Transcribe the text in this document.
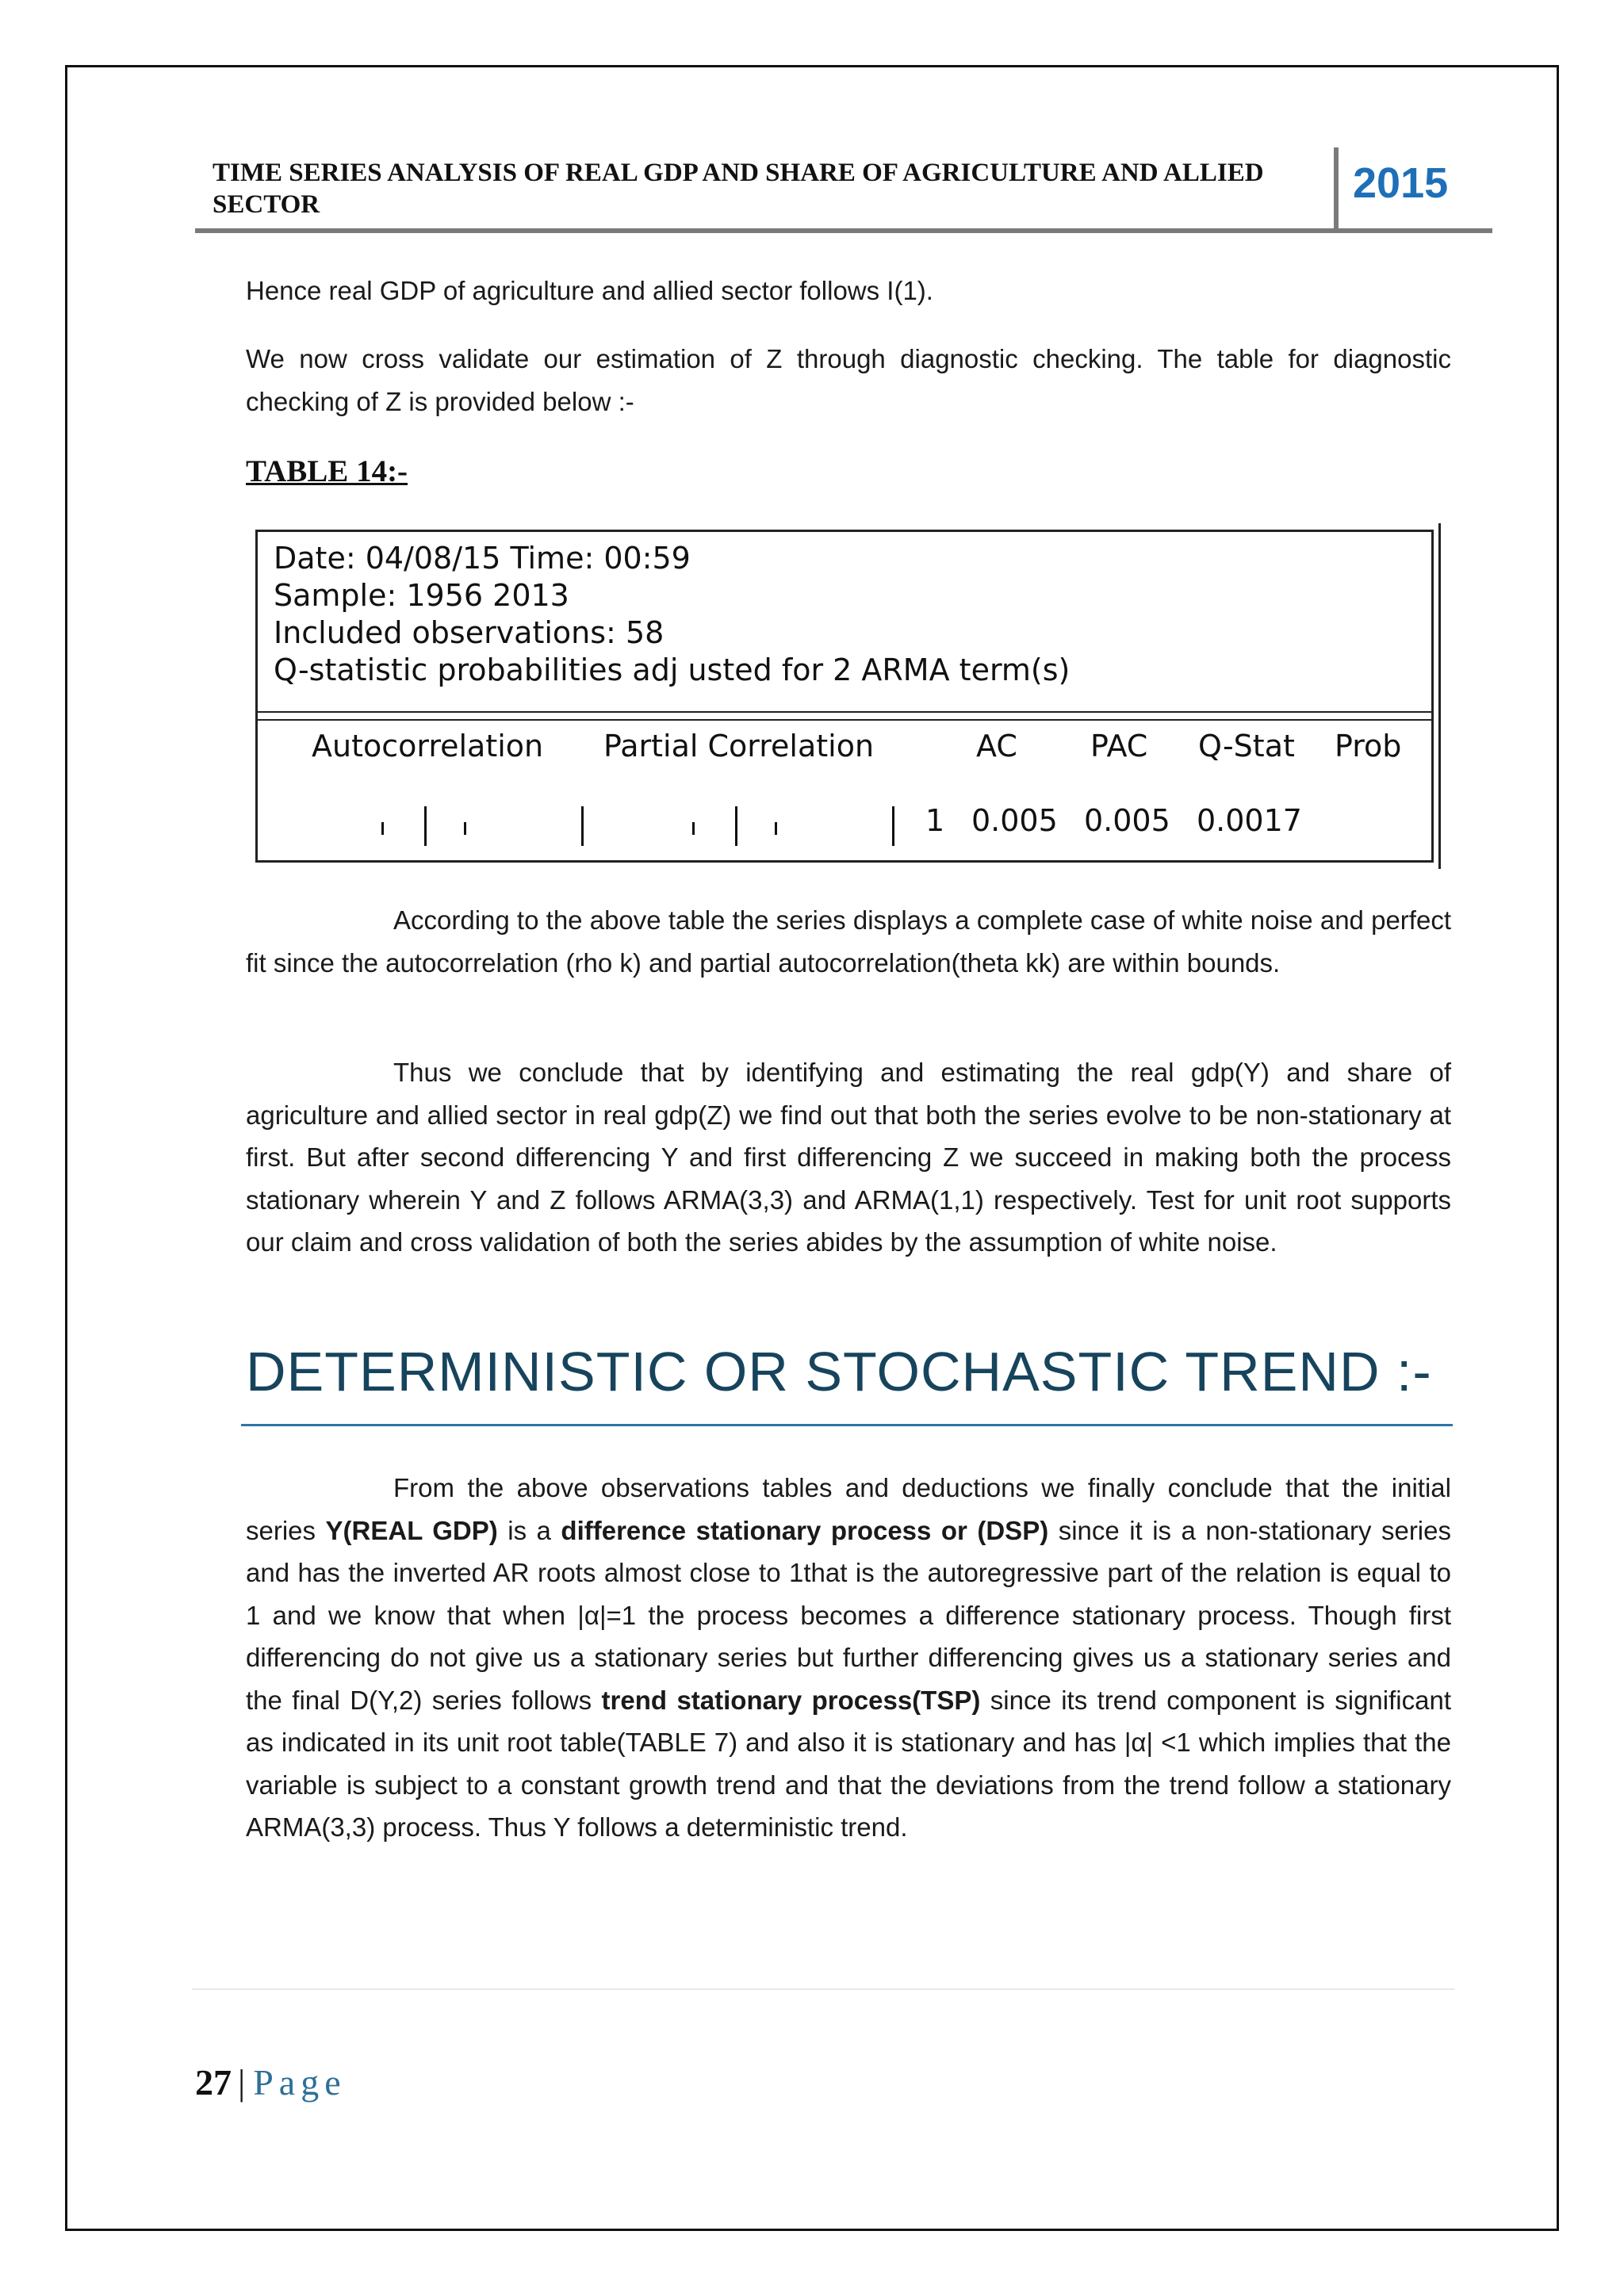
TIME SERIES ANALYSIS OF REAL GDP AND SHARE OF AGRICULTURE AND ALLIED SECTOR	2015
Hence real GDP of agriculture and allied sector follows I(1).
We now cross validate our estimation of Z through diagnostic checking. The table for diagnostic checking of Z is provided below :-
TABLE 14:-
Date: 04/08/15 Time: 00:59
Sample: 1956 2013
Included observations: 58
Q-statistic probabilities adj usted for 2 ARMA term(s)
Autocorrelation Partial Correlation	AC PAC Q-Stat Prob
1 0.005 0.005 0.0017
According to the above table the series displays a complete case of white noise and perfect fit since the autocorrelation (rho k) and partial autocorrelation(theta kk) are within bounds.
Thus we conclude that by identifying and estimating the real gdp(Y) and share of agriculture and allied sector in real gdp(Z) we find out that both the series evolve to be non-stationary at first. But after second differencing Y and first differencing Z we succeed in making both the process stationary wherein Y and Z follows ARMA(3,3) and ARMA(1,1) respectively. Test for unit root supports our claim and cross validation of both the series abides by the assumption of white noise.
DETERMINISTIC OR STOCHASTIC TREND :-
From the above observations tables and deductions we finally conclude that the initial series Y(REAL GDP) is a difference stationary process or (DSP) since it is a non-stationary series and has the inverted AR roots almost close to 1that is the autoregressive part of the relation is equal to 1 and we know that when |α|=1 the process becomes a difference stationary process. Though first differencing do not give us a stationary series but further differencing gives us a stationary series and the final D(Y,2) series follows trend stationary process(TSP) since its trend component is significant as indicated in its unit root table(TABLE 7) and also it is stationary and has |α| <1 which implies that the variable is subject to a constant growth trend and that the deviations from the trend follow a stationary ARMA(3,3) process. Thus Y follows a deterministic trend.
27 | Page
